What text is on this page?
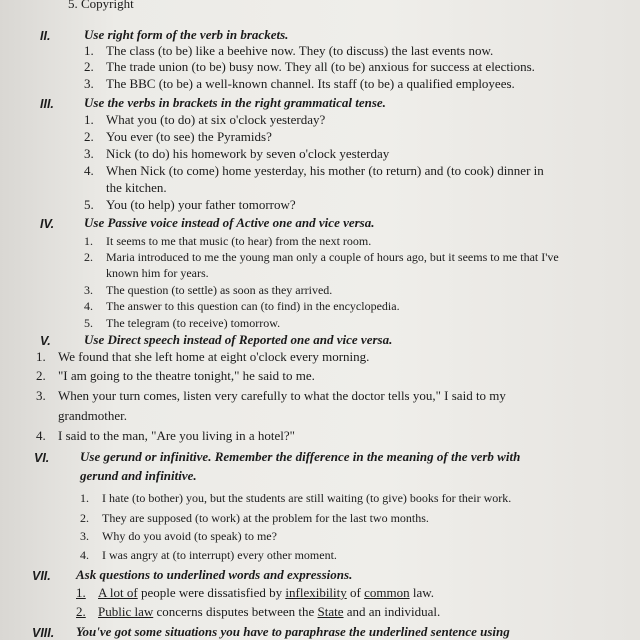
5. Copyright
II.	Use right form of the verb in brackets.
1. The class (to be) like a beehive now. They (to discuss) the last events now.
2. The trade union (to be) busy now. They all (to be) anxious for success at elections.
3. The BBC (to be) a well-known channel. Its staff (to be) a qualified employees.
III. Use the verbs in brackets in the right grammatical tense.
1. What you (to do) at six o'clock yesterday?
2. You ever (to see) the Pyramids?
3. Nick (to do) his homework by seven o'clock yesterday
4. When Nick (to come) home yesterday, his mother (to return) and (to cook) dinner in
the kitchen.
5. You (to help) your father tomorrow?
IV. Use Passive voice instead of Active one and vice versa.
1. It seems to me that music (to hear) from the next room.
2. Maria introduced to me the young man only a couple of hours ago, but it seems to me that I've
known him for years.
3. The question (to settle) as soon as they arrived.
4. The answer to this question can (to find) in the encyclopedia.
5. The telegram (to receive) tomorrow.
V.	Use Direct speech instead of Reported one and vice versa.
1. We found that she left home at eight o'clock every morning.
2. "I am going to the theatre tonight," he said to me.
3. When your turn comes, listen very carefully to what the doctor tells you," I said to my
grandmother.
4. I said to the man, "Are you living in a hotel?"
VI. Use gerund or infinitive. Remember the difference in the meaning of the verb with
gerund and infinitive.
1. I hate (to bother) you, but the students are still waiting (to give) books for their work.
2. They are supposed (to work) at the problem for the last two months.
3. Why do you avoid (to speak) to me?
4. I was angry at (to interrupt) every other moment.
VII. Ask questions to underlined words and expressions.
1. A lot of people were dissatisfied by inflexibility of common law.
2. Public law concerns disputes between the State and an individual.
VIII. You've got some situations you have to paraphrase the underlined sentence using
